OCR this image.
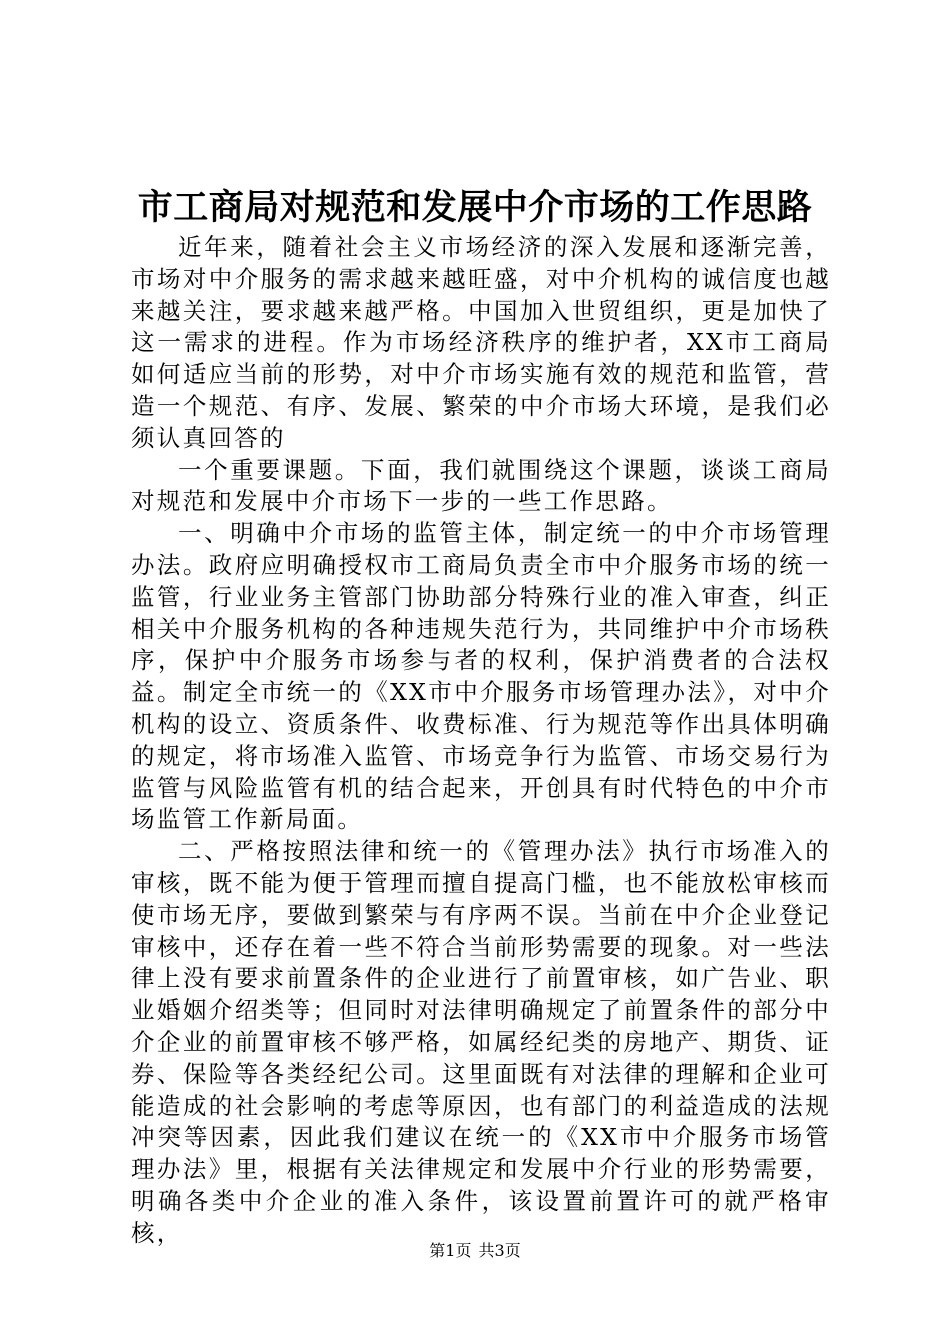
市工商局对规范和发展中介市场的工作思路

近年来，随着社会主义市场经济的深入发展和逐渐完善，市场对中介服务的需求越来越旺盛，对中介机构的诚信度也越来越关注，要求越来越严格。中国加入世贸组织，更是加快了这一需求的进程。作为市场经济秩序的维护者，XX市工商局如何适应当前的形势，对中介市场实施有效的规范和监管，营造一个规范、有序、发展、繁荣的中介市场大环境，是我们必须认真回答的

一个重要课题。下面，我们就围绕这个课题，谈谈工商局对规范和发展中介市场下一步的一些工作思路。

一、明确中介市场的监管主体，制定统一的中介市场管理办法。政府应明确授权市工商局负责全市中介服务市场的统一监管，行业业务主管部门协助部分特殊行业的准入审查，纠正相关中介服务机构的各种违规失范行为，共同维护中介市场秩序，保护中介服务市场参与者的权利，保护消费者的合法权益。制定全市统一的《XX市中介服务市场管理办法》，对中介机构的设立、资质条件、收费标准、行为规范等作出具体明确的规定，将市场准入监管、市场竞争行为监管、市场交易行为监管与风险监管有机的结合起来，开创具有时代特色的中介市场监管工作新局面。

二、严格按照法律和统一的《管理办法》执行市场准入的审核，既不能为便于管理而擅自提高门槛，也不能放松审核而使市场无序，要做到繁荣与有序两不误。当前在中介企业登记审核中，还存在着一些不符合当前形势需要的现象。对一些法律上没有要求前置条件的企业进行了前置审核，如广告业、职业婚姻介绍类等；但同时对法律明确规定了前置条件的部分中介企业的前置审核不够严格，如属经纪类的房地产、期货、证券、保险等各类经纪公司。这里面既有对法律的理解和企业可能造成的社会影响的考虑等原因，也有部门的利益造成的法规冲突等因素，因此我们建议在统一的《XX市中介服务市场管理办法》里，根据有关法律规定和发展中介行业的形势需要，明确各类中介企业的准入条件，该设置前置许可的就严格审核，

第1页 共3页
